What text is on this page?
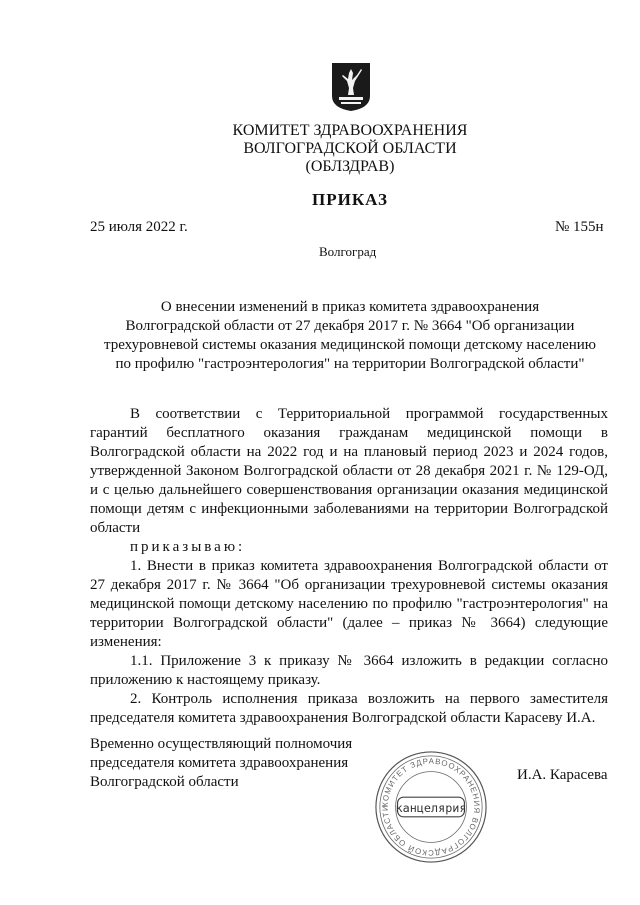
КОМИТЕТ ЗДРАВООХРАНЕНИЯ
ВОЛГОГРАДСКОЙ ОБЛАСТИ
(ОБЛЗДРАВ)
ПРИКАЗ
25 июля 2022 г.	№ 155н
Волгоград
О внесении изменений в приказ комитета здравоохранения
Волгоградской области от 27 декабря 2017 г. № 3664 "Об организации
трехуровневой системы оказания медицинской помощи детскому населению
по профилю "гастроэнтерология" на территории Волгоградской области"

В соответствии с Территориальной программой государственных гарантий бесплатного оказания гражданам медицинской помощи в Волгоградской области на 2022 год и на плановый период 2023 и 2024 годов, утвержденной Законом Волгоградской области от 28 декабря 2021 г. № 129-ОД, и с целью дальнейшего совершенствования организации оказания медицинской помощи детям с инфекционными заболеваниями на территории Волгоградской области

приказываю:

1. Внести в приказ комитета здравоохранения Волгоградской области от 27 декабря 2017 г. № 3664 "Об организации трехуровневой системы оказания медицинской помощи детскому населению по профилю "гастроэнтерология" на территории Волгоградской области" (далее – приказ № 3664) следующие изменения:

1.1. Приложение 3 к приказу № 3664 изложить в редакции согласно приложению к настоящему приказу.

2. Контроль исполнения приказа возложить на первого заместителя председателя комитета здравоохранения Волгоградской области Карасеву И.А.

Временно осуществляющий полномочия
председателя комитета здравоохранения
Волгоградской области	И.А. Карасева
КОМИТЕТ ЗДРАВООХРАНЕНИЯ ВОЛГОГРАДСКОЙ ОБЛАСТИ канцелярия
